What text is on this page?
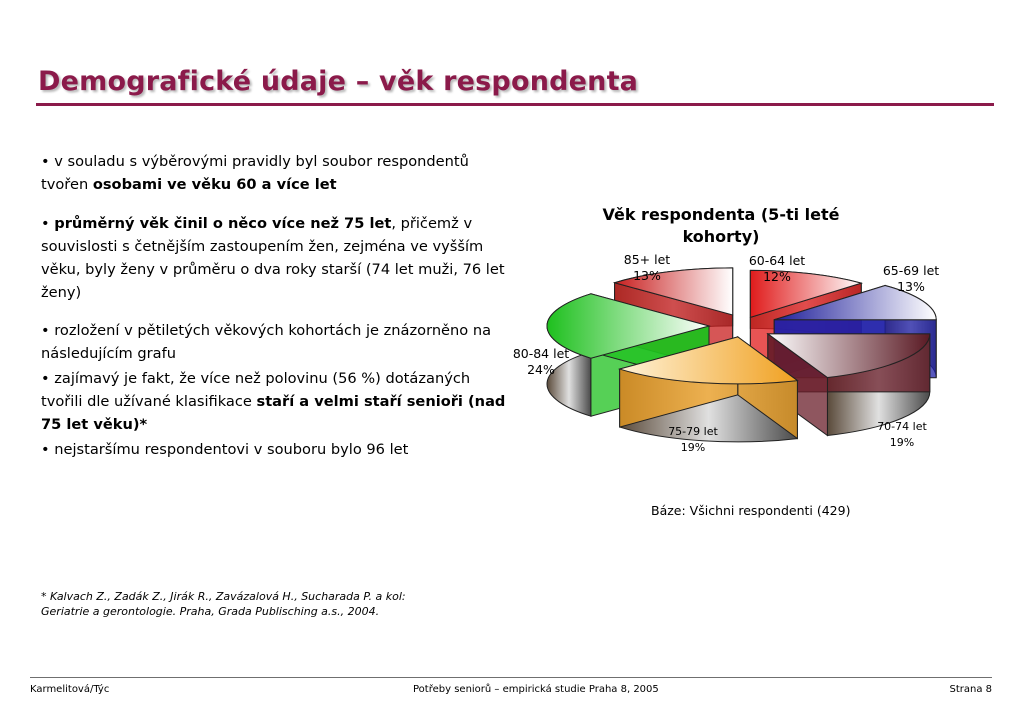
Demografické údaje – věk respondenta

• v souladu s výběrovými pravidly byl soubor respondentů tvořen osobami ve věku 60 a více let

• průměrný věk činil o něco více než 75 let, přičemž v souvislosti s četnějším zastoupením žen, zejména ve vyšším věku, byly ženy v průměru o dva roky starší (74 let muži, 76 let ženy)

• rozložení v pětiletých věkových kohortách je znázorněno na následujícím grafu

• zajímavý je fakt, že více než polovinu (56 %) dotázaných tvořili dle užívané klasifikace staří a velmi staří senioři (nad 75 let věku)*

• nejstaršímu respondentovi v souboru bylo 96 let

* Kalvach Z., Zadák Z., Jirák R., Zavázalová H., Sucharada P. a kol:
Geriatrie a gerontologie. Praha, Grada Publisching a.s., 2004.
Věk respondenta (5-ti leté
kohorty)
60-64 let
12%	65-69 let
13%
70-74 let
19%
75-79 let
19%
80-84 let
24%
85+ let
13%
Báze: Všichni respondenti (429)
Karmelitová/Týc	Potřeby seniorů – empirická studie Praha 8, 2005	Strana 8
